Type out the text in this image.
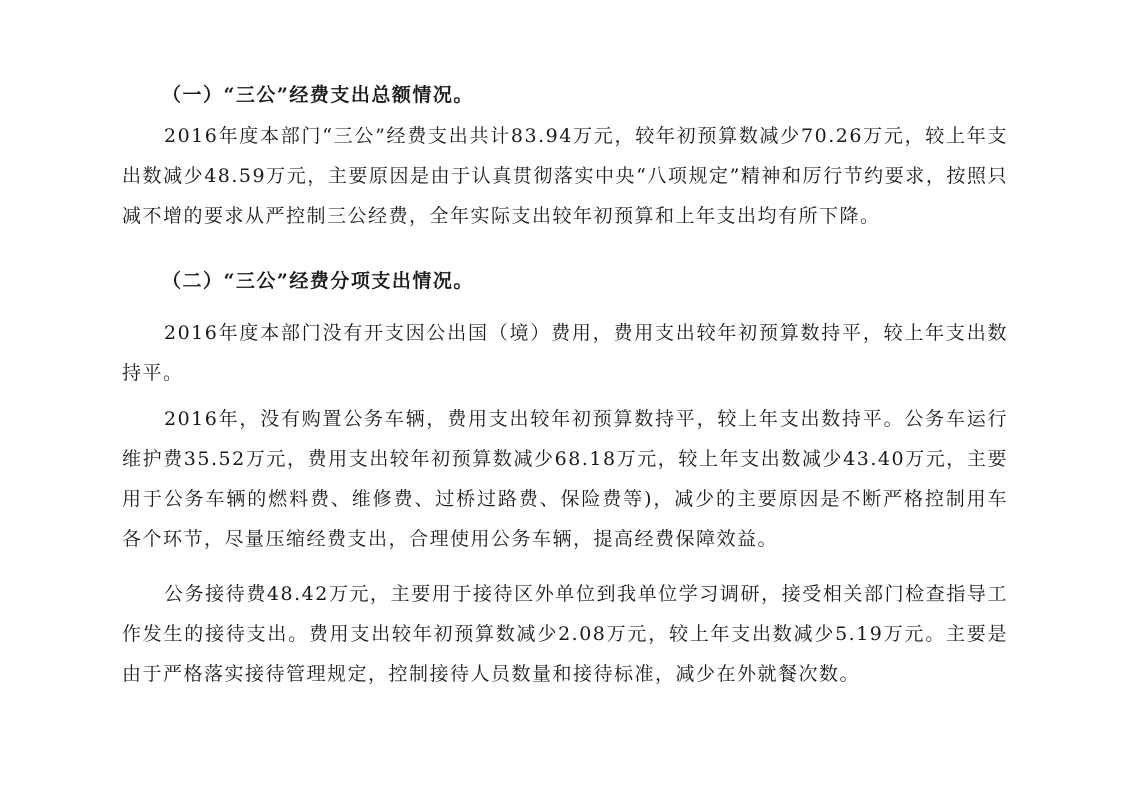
（一）“三公”经费支出总额情况。
2016年度本部门“三公”经费支出共计83.94万元，较年初预算数减少70.26万元，较上年支出数减少48.59万元，主要原因是由于认真贯彻落实中央“八项规定”精神和厉行节约要求，按照只减不增的要求从严控制三公经费，全年实际支出较年初预算和上年支出均有所下降。
（二）“三公”经费分项支出情况。
2016年度本部门没有开支因公出国（境）费用，费用支出较年初预算数持平，较上年支出数持平。
2016年，没有购置公务车辆，费用支出较年初预算数持平，较上年支出数持平。公务车运行维护费35.52万元，费用支出较年初预算数减少68.18万元，较上年支出数减少43.40万元，主要用于公务车辆的燃料费、维修费、过桥过路费、保险费等)，减少的主要原因是不断严格控制用车各个环节，尽量压缩经费支出，合理使用公务车辆，提高经费保障效益。
公务接待费48.42万元，主要用于接待区外单位到我单位学习调研，接受相关部门检查指导工作发生的接待支出。费用支出较年初预算数减少2.08万元，较上年支出数减少5.19万元。主要是由于严格落实接待管理规定，控制接待人员数量和接待标准，减少在外就餐次数。
